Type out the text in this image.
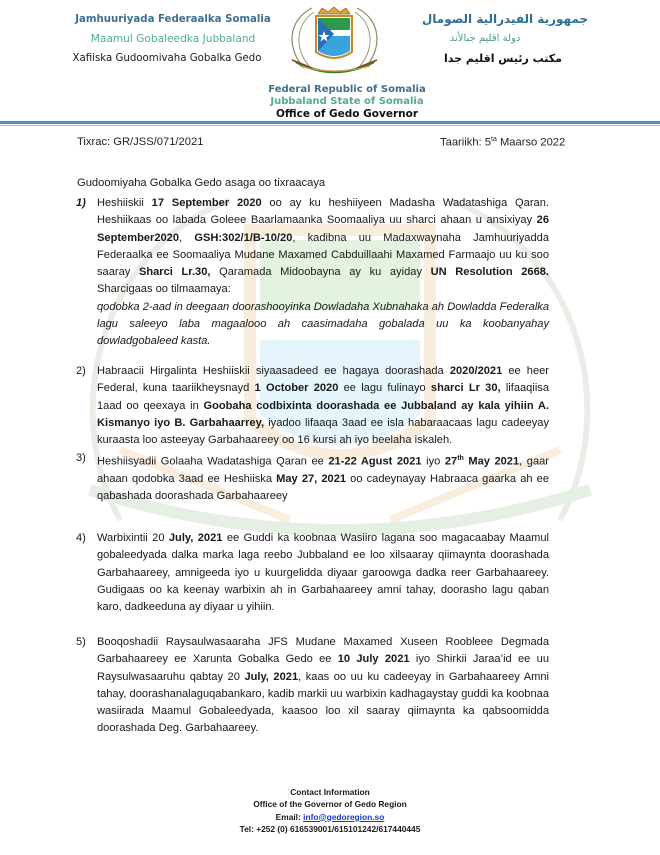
Jamhuuriyada Federaalka Somalia
Maamul Gobaleedka Jubbaland
Xafiiska Gudoomivaha Gobalka Gedo
جمهورية الفيدرالية الصومال
دولة اقليم جبالأند
مكتب رئيس اقليم جدا
Federal Republic of Somalia
Jubbaland State of Somalia
Office of Gedo Governor
Tixrac: GR/JSS/071/2021	Taariikh: $5^{ta}$ Maarso 2022
Gudoomiyaha Gobalka Gedo asaga oo tixraacaya
1) Heshiiskii 17 September 2020 oo ay ku heshiiyeen Madasha Wadatashiga Qaran. Heshiikaas oo labada Goleee Baarlamaanka Soomaaliya uu sharci ahaan u ansixiyay 26 September2020, GSH:302/1/B-10/20, kadibna uu Madaxwaynaha Jamhuuriyadda Federaalka ee Soomaaliya Mudane Maxamed Cabduillaahi Maxamed Farmaajo uu ku soo saaray Sharci Lr.30, Qaramada Midoobayna ay ku ayiday UN Resolution 2668. Sharcigaas oo tilmaamaya:
qodobka 2-aad in deegaan doorashooyinka Dowladaha Xubnahaka ah Dowladda Federalka lagu saleeyo laba magaalooo ah caasimadaha gobalada uu ka koobanyahay dowladgobaleed kasta.
2) Habraacii Hirgalinta Heshiiskii siyaasadeed ee hagaya doorashada 2020/2021 ee heer Federal, kuna taariikheysnayd 1 October 2020 ee lagu fulinayo sharci Lr 30, lifaaqiisa 1aad oo qeexaya in Goobaha codbixinta doorashada ee Jubbaland ay kala yihiin A. Kismanyo iyo B. Garbahaarrey, iyadoo lifaaqa 3aad ee isla habaraacaas lagu cadeeyay kuraasta loo asteeyay Garbahaareey oo 16 kursi ah iyo beelaha iskaleh.
3) Heshiisyadii Golaaha Wadatashiga Qaran ee 21-22 Agust 2021 iyo 27th May 2021, gaar ahaan qodobka 3aad ee Heshiiska May 27, 2021 oo cadeynayay Habraaca gaarka ah ee qabashada doorashada Garbahaareey
4) Warbixintii 20 July, 2021 ee Guddi ka koobnaa Wasiiro lagana soo magacaabay Maamul gobaleedyada dalka marka laga reebo Jubbaland ee loo xilsaaray qiimaynta doorashada Garbahaareey, amnigeeda iyo u kuurgelidda diyaar garoowga dadka reer Garbahaareey. Gudigaas oo ka keenay warbixin ah in Garbahaareey amni tahay, doorasho lagu qaban karo, dadkeeduna ay diyaar u yihiin.
5) Booqoshadii Raysaulwasaaraha JFS Mudane Maxamed Xuseen Roobleee Degmada Garbahaareey ee Xarunta Gobalka Gedo ee 10 July 2021 iyo Shirkii Jaraa’id ee uu Raysulwasaaruhu qabtay 20 July, 2021, kaas oo uu ku cadeeyay in Garbahaareey Amni tahay, doorashanalaguqabankaro, kadib markii uu warbixin kadhagaystay guddi ka koobnaa wasiirada Maamul Gobaleedyada, kaasoo loo xil saaray qiimaynta ka qabsoomidda doorashada Deg. Garbahaareey.
Contact Information
Office of the Governor of Gedo Region
Email: info@gedoregion.so
Tel: +252 (0) 616539001/615101242/617440445
